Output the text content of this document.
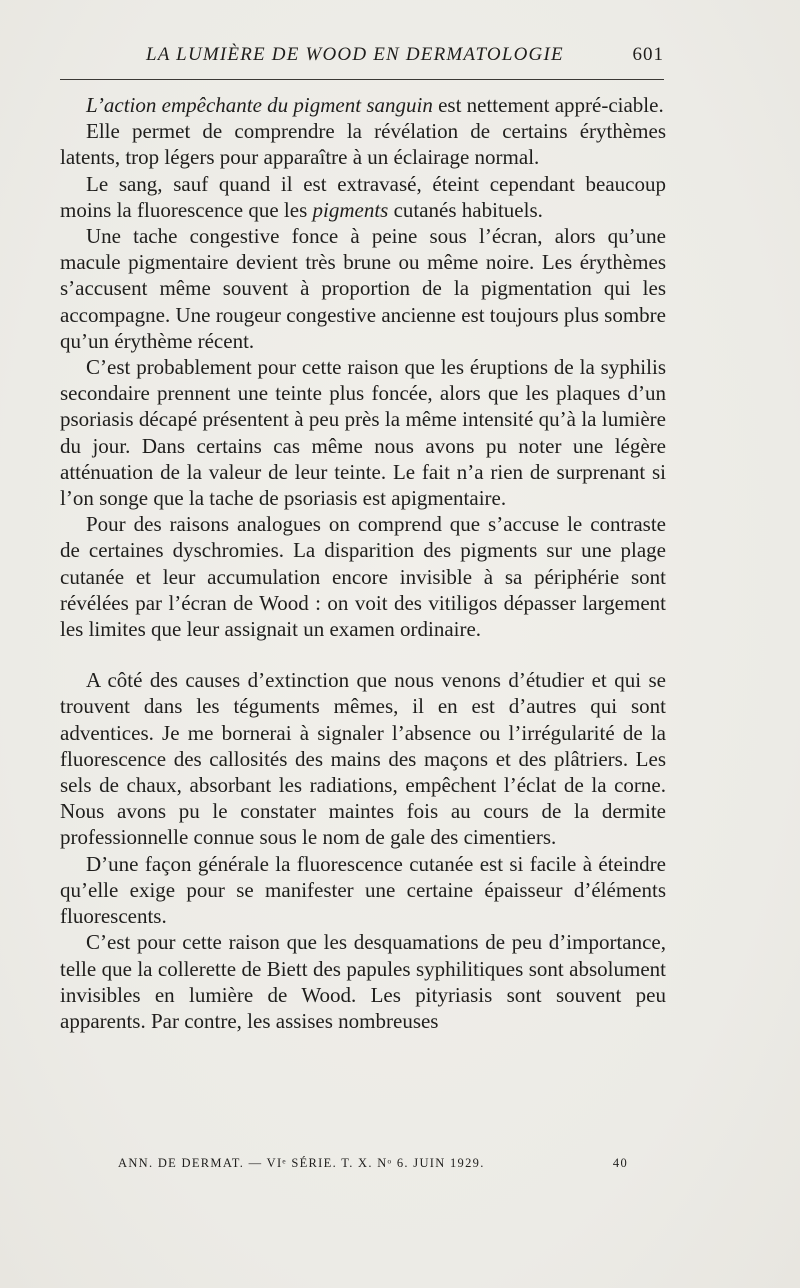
LA LUMIÈRE DE WOOD EN DERMATOLOGIE	601

L’action empêchante du pigment sanguin est nettement appré-ciable.

Elle permet de comprendre la révélation de certains érythèmes latents, trop légers pour apparaître à un éclairage normal.

Le sang, sauf quand il est extravasé, éteint cependant beaucoup moins la fluorescence que les pigments cutanés habituels.

Une tache congestive fonce à peine sous l’écran, alors qu’une macule pigmentaire devient très brune ou même noire. Les érythèmes s’accusent même souvent à proportion de la pigmentation qui les accompagne. Une rougeur congestive ancienne est toujours plus sombre qu’un érythème récent.

C’est probablement pour cette raison que les éruptions de la syphilis secondaire prennent une teinte plus foncée, alors que les plaques d’un psoriasis décapé présentent à peu près la même intensité qu’à la lumière du jour. Dans certains cas même nous avons pu noter une légère atténuation de la valeur de leur teinte. Le fait n’a rien de surprenant si l’on songe que la tache de psoriasis est apigmentaire.

Pour des raisons analogues on comprend que s’accuse le contraste de certaines dyschromies. La disparition des pigments sur une plage cutanée et leur accumulation encore invisible à sa périphérie sont révélées par l’écran de Wood : on voit des vitiligos dépasser largement les limites que leur assignait un examen ordinaire.

A côté des causes d’extinction que nous venons d’étudier et qui se trouvent dans les téguments mêmes, il en est d’autres qui sont adventices. Je me bornerai à signaler l’absence ou l’irrégularité de la fluorescence des callosités des mains des maçons et des plâtriers. Les sels de chaux, absorbant les radiations, empêchent l’éclat de la corne. Nous avons pu le constater maintes fois au cours de la dermite professionnelle connue sous le nom de gale des cimentiers.

D’une façon générale la fluorescence cutanée est si facile à éteindre qu’elle exige pour se manifester une certaine épaisseur d’éléments fluorescents.

C’est pour cette raison que les desquamations de peu d’importance, telle que la collerette de Biett des papules syphilitiques sont absolument invisibles en lumière de Wood. Les pityriasis sont souvent peu apparents. Par contre, les assises nombreuses

ANN. DE DERMAT. — VIᵉ SÉRIE. T. X. Nᵒ 6. JUIN 1929.	40
